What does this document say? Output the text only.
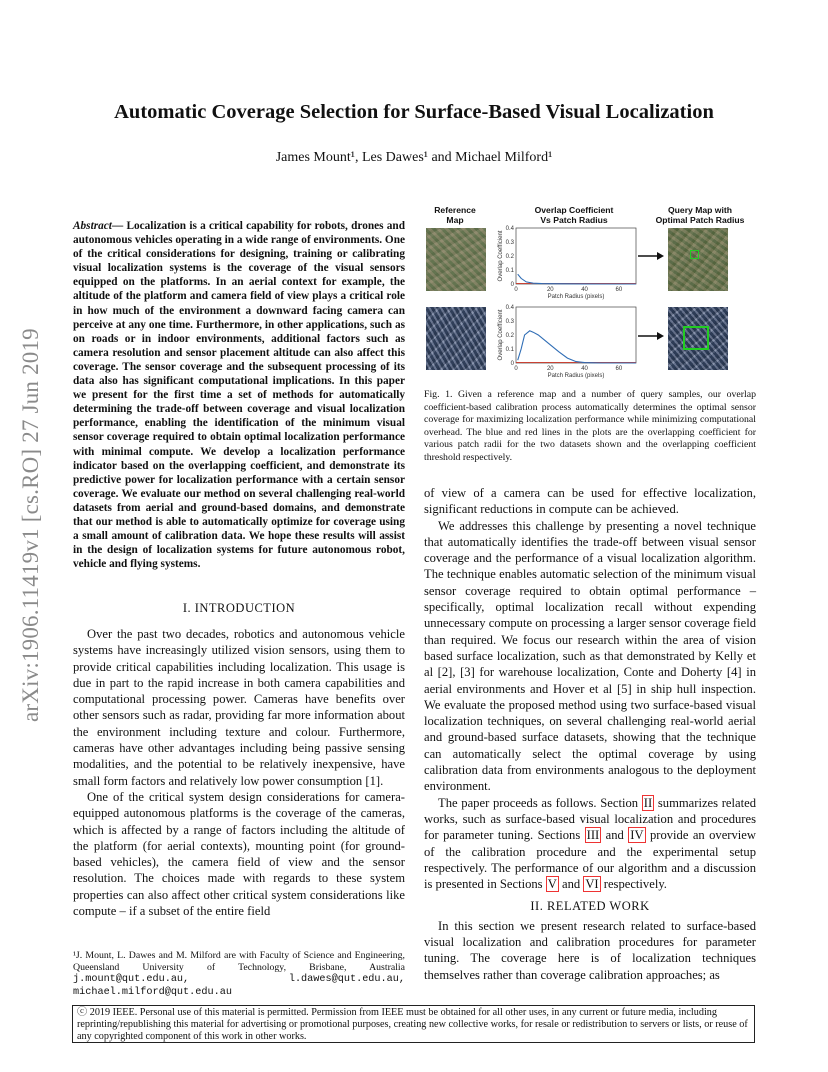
arXiv:1906.11419v1 [cs.RO] 27 Jun 2019
Automatic Coverage Selection for Surface-Based Visual Localization
James Mount¹, Les Dawes¹ and Michael Milford¹
Abstract— Localization is a critical capability for robots, drones and autonomous vehicles operating in a wide range of environments. One of the critical considerations for designing, training or calibrating visual localization systems is the coverage of the visual sensors equipped on the platforms. In an aerial context for example, the altitude of the platform and camera field of view plays a critical role in how much of the environment a downward facing camera can perceive at any one time. Furthermore, in other applications, such as on roads or in indoor environments, additional factors such as camera resolution and sensor placement altitude can also affect this coverage. The sensor coverage and the subsequent processing of its data also has significant computational implications. In this paper we present for the first time a set of methods for automatically determining the trade-off between coverage and visual localization performance, enabling the identification of the minimum visual sensor coverage required to obtain optimal localization performance with minimal compute. We develop a localization performance indicator based on the overlapping coefficient, and demonstrate its predictive power for localization performance with a certain sensor coverage. We evaluate our method on several challenging real-world datasets from aerial and ground-based domains, and demonstrate that our method is able to automatically optimize for coverage using a small amount of calibration data. We hope these results will assist in the design of localization systems for future autonomous robot, vehicle and flying systems.
I. INTRODUCTION

Over the past two decades, robotics and autonomous vehicle systems have increasingly utilized vision sensors, using them to provide critical capabilities including localization. This usage is due in part to the rapid increase in both camera capabilities and computational processing power. Cameras have benefits over other sensors such as radar, providing far more information about the environment including texture and colour. Furthermore, cameras have other advantages including being passive sensing modalities, and the potential to be relatively inexpensive, have small form factors and relatively low power consumption [1].

One of the critical system design considerations for camera-equipped autonomous platforms is the coverage of the cameras, which is affected by a range of factors including the altitude of the platform (for aerial contexts), mounting point (for ground-based vehicles), the camera field of view and the sensor resolution. The choices made with regards to these system properties can also affect other critical system considerations like compute – if a subset of the entire field

¹J. Mount, L. Dawes and M. Milford are with Faculty of Science and Engineering, Queensland University of Technology, Brisbane, Australia j.mount@qut.edu.au,	l.dawes@qut.edu.au, michael.milford@qut.edu.au
Reference
Map
Overlap Coefficient
Vs Patch Radius
Query Map with
Optimal Patch Radius
0
0.1
0.2
0.3
0.4
0	20	40	60
Patch Radius (pixels)
Overlap Coefficient
0
0.1
0.2
0.3
0.4
0	20	40	60
Patch Radius (pixels)
Overlap Coefficient
Fig. 1. Given a reference map and a number of query samples, our overlap coefficient-based calibration process automatically determines the optimal sensor coverage for maximizing localization performance while minimizing computational overhead. The blue and red lines in the plots are the overlapping coefficient for various patch radii for the two datasets shown and the overlapping coefficient threshold respectively.

of view of a camera can be used for effective localization, significant reductions in compute can be achieved.

We addresses this challenge by presenting a novel technique that automatically identifies the trade-off between visual sensor coverage and the performance of a visual localization algorithm. The technique enables automatic selection of the minimum visual sensor coverage required to obtain optimal performance – specifically, optimal localization recall without expending unnecessary compute on processing a larger sensor coverage field than required. We focus our research within the area of vision based surface localization, such as that demonstrated by Kelly et al [2], [3] for warehouse localization, Conte and Doherty [4] in aerial environments and Hover et al [5] in ship hull inspection. We evaluate the proposed method using two surface-based visual localization techniques, on several challenging real-world aerial and ground-based surface datasets, showing that the technique can automatically select the optimal coverage by using calibration data from environments analogous to the deployment environment.

The paper proceeds as follows. Section II summarizes related works, such as surface-based visual localization and procedures for parameter tuning. Sections III and IV provide an overview of the calibration procedure and the experimental setup respectively. The performance of our algorithm and a discussion is presented in Sections V and VI respectively.

II. RELATED WORK

In this section we present research related to surface-based visual localization and calibration procedures for parameter tuning. The coverage here is of localization techniques themselves rather than coverage calibration approaches; as

ⓒ 2019 IEEE. Personal use of this material is permitted. Permission from IEEE must be obtained for all other uses, in any current or future media, including reprinting/republishing this material for advertising or promotional purposes, creating new collective works, for resale or redistribution to servers or lists, or reuse of any copyrighted component of this work in other works.
